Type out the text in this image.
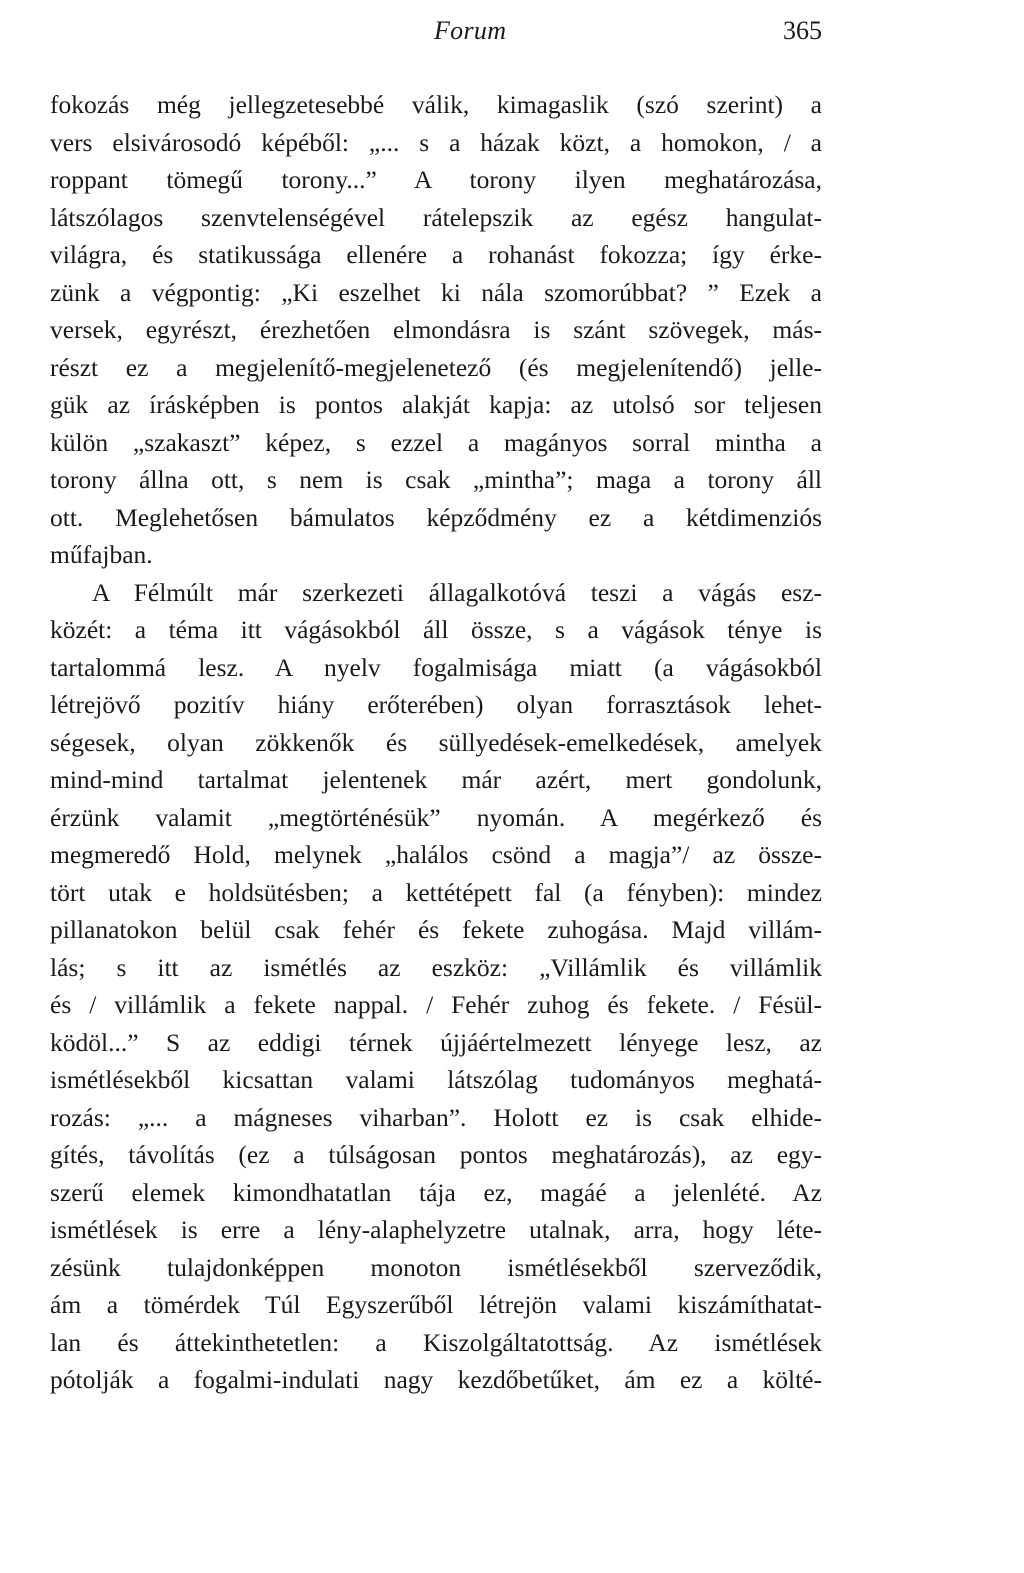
Forum	365
fokozás még jellegzetesebbé válik, kimagaslik (szó szerint) a
vers elsivárosodó képéből: „... s a házak közt, a homokon, / a
roppant tömegű torony...” A torony ilyen meghatározása,
látszólagos szenvtelenségével rátelepszik az egész hangulat-
világra, és statikussága ellenére a rohanást fokozza; így érke-
zünk a végpontig: „Ki eszelhet ki nála szomorúbbat? ” Ezek a
versek, egyrészt, érezhetően elmondásra is szánt szövegek, más-
részt ez a megjelenítő-megjelenetező (és megjelenítendő) jelle-
gük az írásképben is pontos alakját kapja: az utolsó sor teljesen
külön „szakaszt” képez, s ezzel a magányos sorral mintha a
torony állna ott, s nem is csak „mintha”; maga a torony áll
ott. Meglehetősen bámulatos képződmény ez a kétdimenziós
műfajban.
A Félmúlt már szerkezeti állagalkotóvá teszi a vágás esz-
közét: a téma itt vágásokból áll össze, s a vágások ténye is
tartalommá lesz. A nyelv fogalmisága miatt (a vágásokból
létrejövő pozitív hiány erőterében) olyan forrasztások lehet-
ségesek, olyan zökkenők és süllyedések-emelkedések, amelyek
mind-mind tartalmat jelentenek már azért, mert gondolunk,
érzünk valamit „megtörténésük” nyomán. A megérkező és
megmeredő Hold, melynek „halálos csönd a magja”/ az össze-
tört utak e holdsütésben; a kettétépett fal (a fényben): mindez
pillanatokon belül csak fehér és fekete zuhogása. Majd villám-
lás; s itt az ismétlés az eszköz: „Villámlik és villámlik
és / villámlik a fekete nappal. / Fehér zuhog és fekete. / Fésül-
ködöl...” S az eddigi térnek újjáértelmezett lényege lesz, az
ismétlésekből kicsattan valami látszólag tudományos meghatá-
rozás: „... a mágneses viharban”. Holott ez is csak elhide-
gítés, távolítás (ez a túlságosan pontos meghatározás), az egy-
szerű elemek kimondhatatlan tája ez, magáé a jelenlété. Az
ismétlések is erre a lény-alaphelyzetre utalnak, arra, hogy léte-
zésünk tulajdonképpen monoton ismétlésekből szerveződik,
ám a tömérdek Túl Egyszerűből létrejön valami kiszámíthatat-
lan és áttekinthetetlen: a Kiszolgáltatottság. Az ismétlések
pótolják a fogalmi-indulati nagy kezdőbetűket, ám ez a költé-
